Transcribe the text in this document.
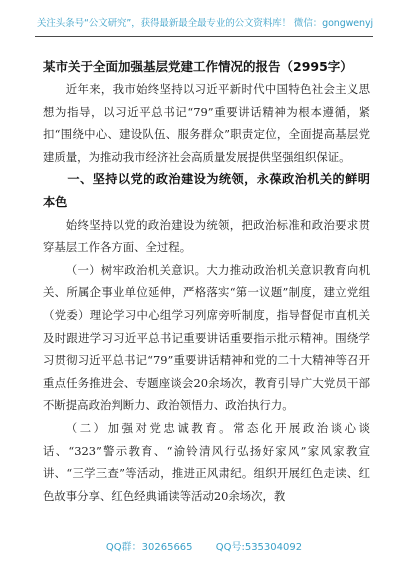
关注头条号“公文研究”，获得最新最全最专业的公文资料库！ 微信：gongwenyj
某市关于全面加强基层党建工作情况的报告（2995字）

近年来，我市始终坚持以习近平新时代中国特色社会主义思想为指导，以习近平总书记“79”重要讲话精神为根本遵循，紧扣“围绕中心、建设队伍、服务群众”职责定位，全面提高基层党建质量，为推动我市经济社会高质量发展提供坚强组织保证。

一、坚持以党的政治建设为统领，永葆政治机关的鲜明本色

始终坚持以党的政治建设为统领，把政治标准和政治要求贯穿基层工作各方面、全过程。

（一）树牢政治机关意识。大力推动政治机关意识教育向机关、所属企事业单位延伸，严格落实“第一议题”制度，建立党组（党委）理论学习中心组学习列席旁听制度，指导督促市直机关及时跟进学习习近平总书记重要讲话重要指示批示精神。围绕学习贯彻习近平总书记“79”重要讲话精神和党的二十大精神等召开重点任务推进会、专题座谈会20余场次，教育引导广大党员干部不断提高政治判断力、政治领悟力、政治执行力。

（二）加强对党忠诚教育。常态化开展政治谈心谈话、“323”警示教育、“渝铃清风行弘扬好家风”家风家教宣讲、“三学三查”等活动，推进正风肃纪。组织开展红色走读、红色故事分享、红色经典诵读等活动20余场次，教

QQ群：30265665 QQ号:535304092
